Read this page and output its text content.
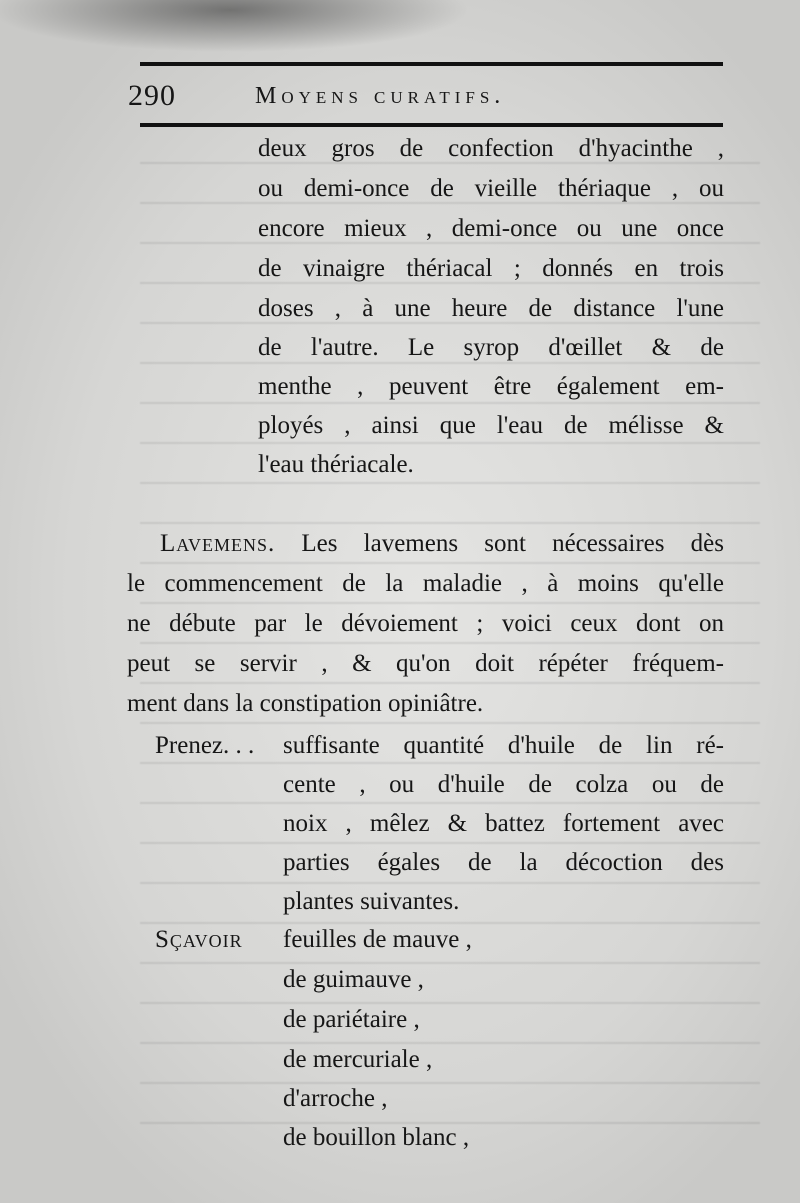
290	Moyens curatifs.
deux gros de confection d'hyacinthe ,
ou demi-once de vieille thériaque , ou
encore mieux , demi-once ou une once
de vinaigre thériacal ; donnés en trois
doses , à une heure de distance l'une
de l'autre. Le syrop d'œillet & de
menthe , peuvent être également em-
ployés , ainsi que l'eau de mélisse &
l'eau thériacale.
Lavemens. Les lavemens sont nécessaires dès
le commencement de la maladie , à moins qu'elle
ne débute par le dévoiement ; voici ceux dont on
peut se servir , & qu'on doit répéter fréquem-
ment dans la constipation opiniâtre.
Prenez. . . suffisante quantité d'huile de lin ré-
cente , ou d'huile de colza ou de
noix , mêlez & battez fortement avec
parties égales de la décoction des
plantes suivantes.
Sçavoir feuilles de mauve ,
de guimauve ,
de pariétaire ,
de mercuriale ,
d'arroche ,
de bouillon blanc ,
